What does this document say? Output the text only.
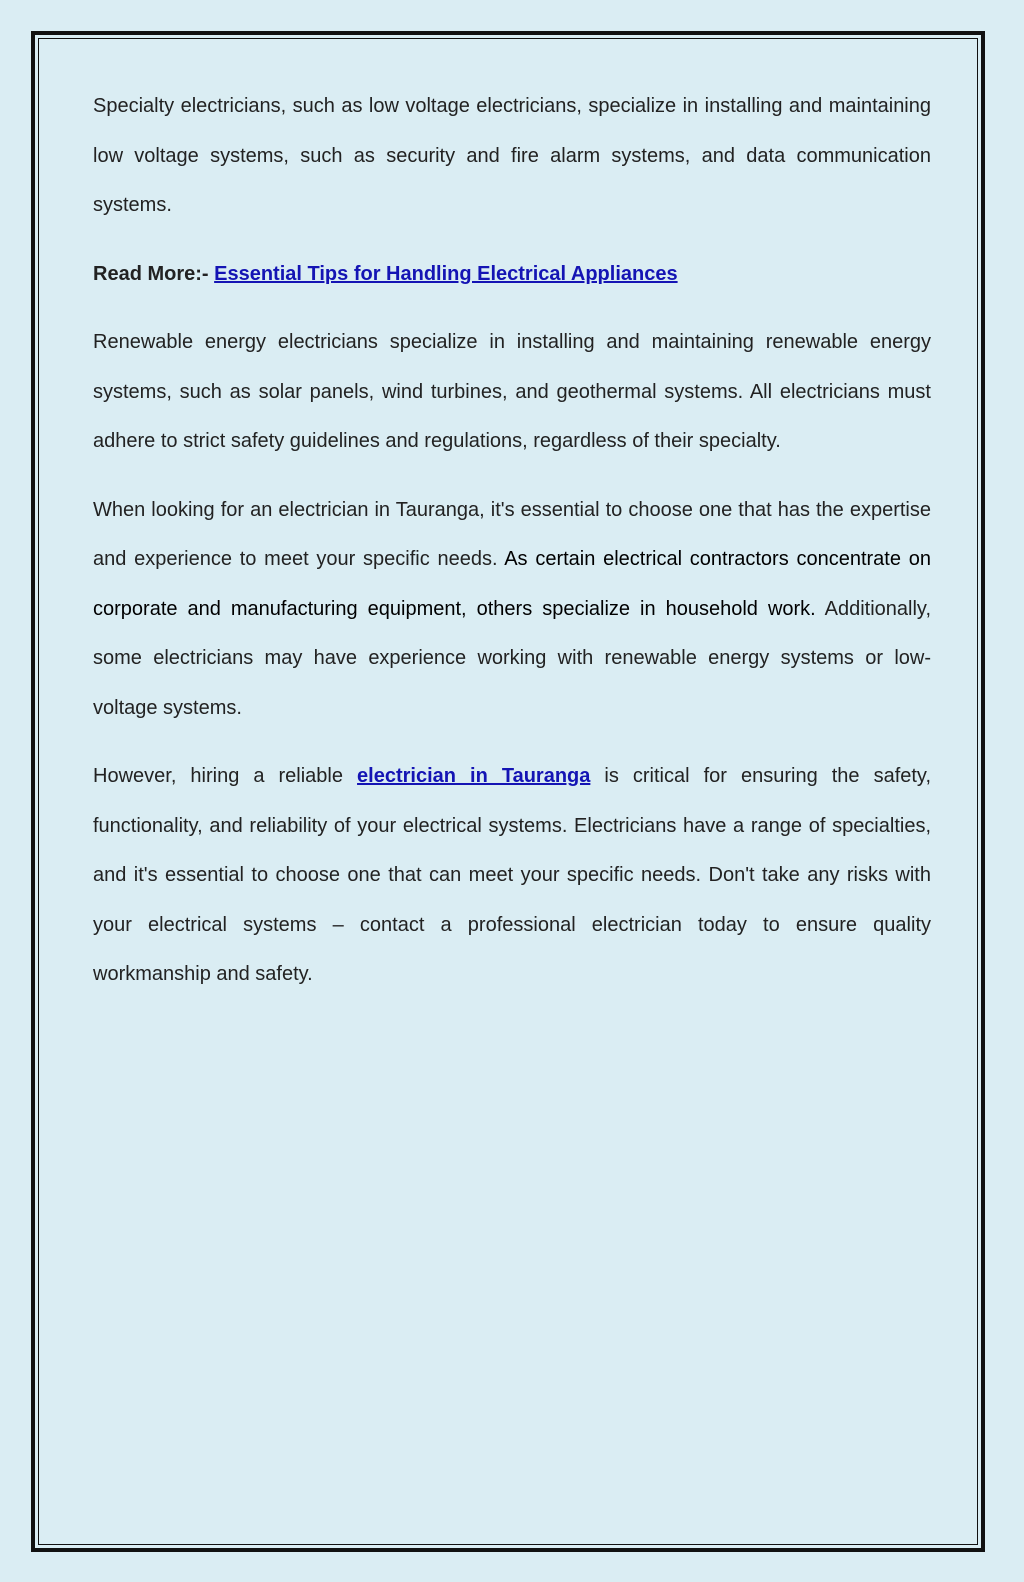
Specialty electricians, such as low voltage electricians, specialize in installing and maintaining low voltage systems, such as security and fire alarm systems, and data communication systems.

Read More:- Essential Tips for Handling Electrical Appliances

Renewable energy electricians specialize in installing and maintaining renewable energy systems, such as solar panels, wind turbines, and geothermal systems. All electricians must adhere to strict safety guidelines and regulations, regardless of their specialty.

When looking for an electrician in Tauranga, it's essential to choose one that has the expertise and experience to meet your specific needs. As certain electrical contractors concentrate on corporate and manufacturing equipment, others specialize in household work. Additionally, some electricians may have experience working with renewable energy systems or low-voltage systems.

However, hiring a reliable electrician in Tauranga is critical for ensuring the safety, functionality, and reliability of your electrical systems. Electricians have a range of specialties, and it's essential to choose one that can meet your specific needs. Don't take any risks with your electrical systems – contact a professional electrician today to ensure quality workmanship and safety.
